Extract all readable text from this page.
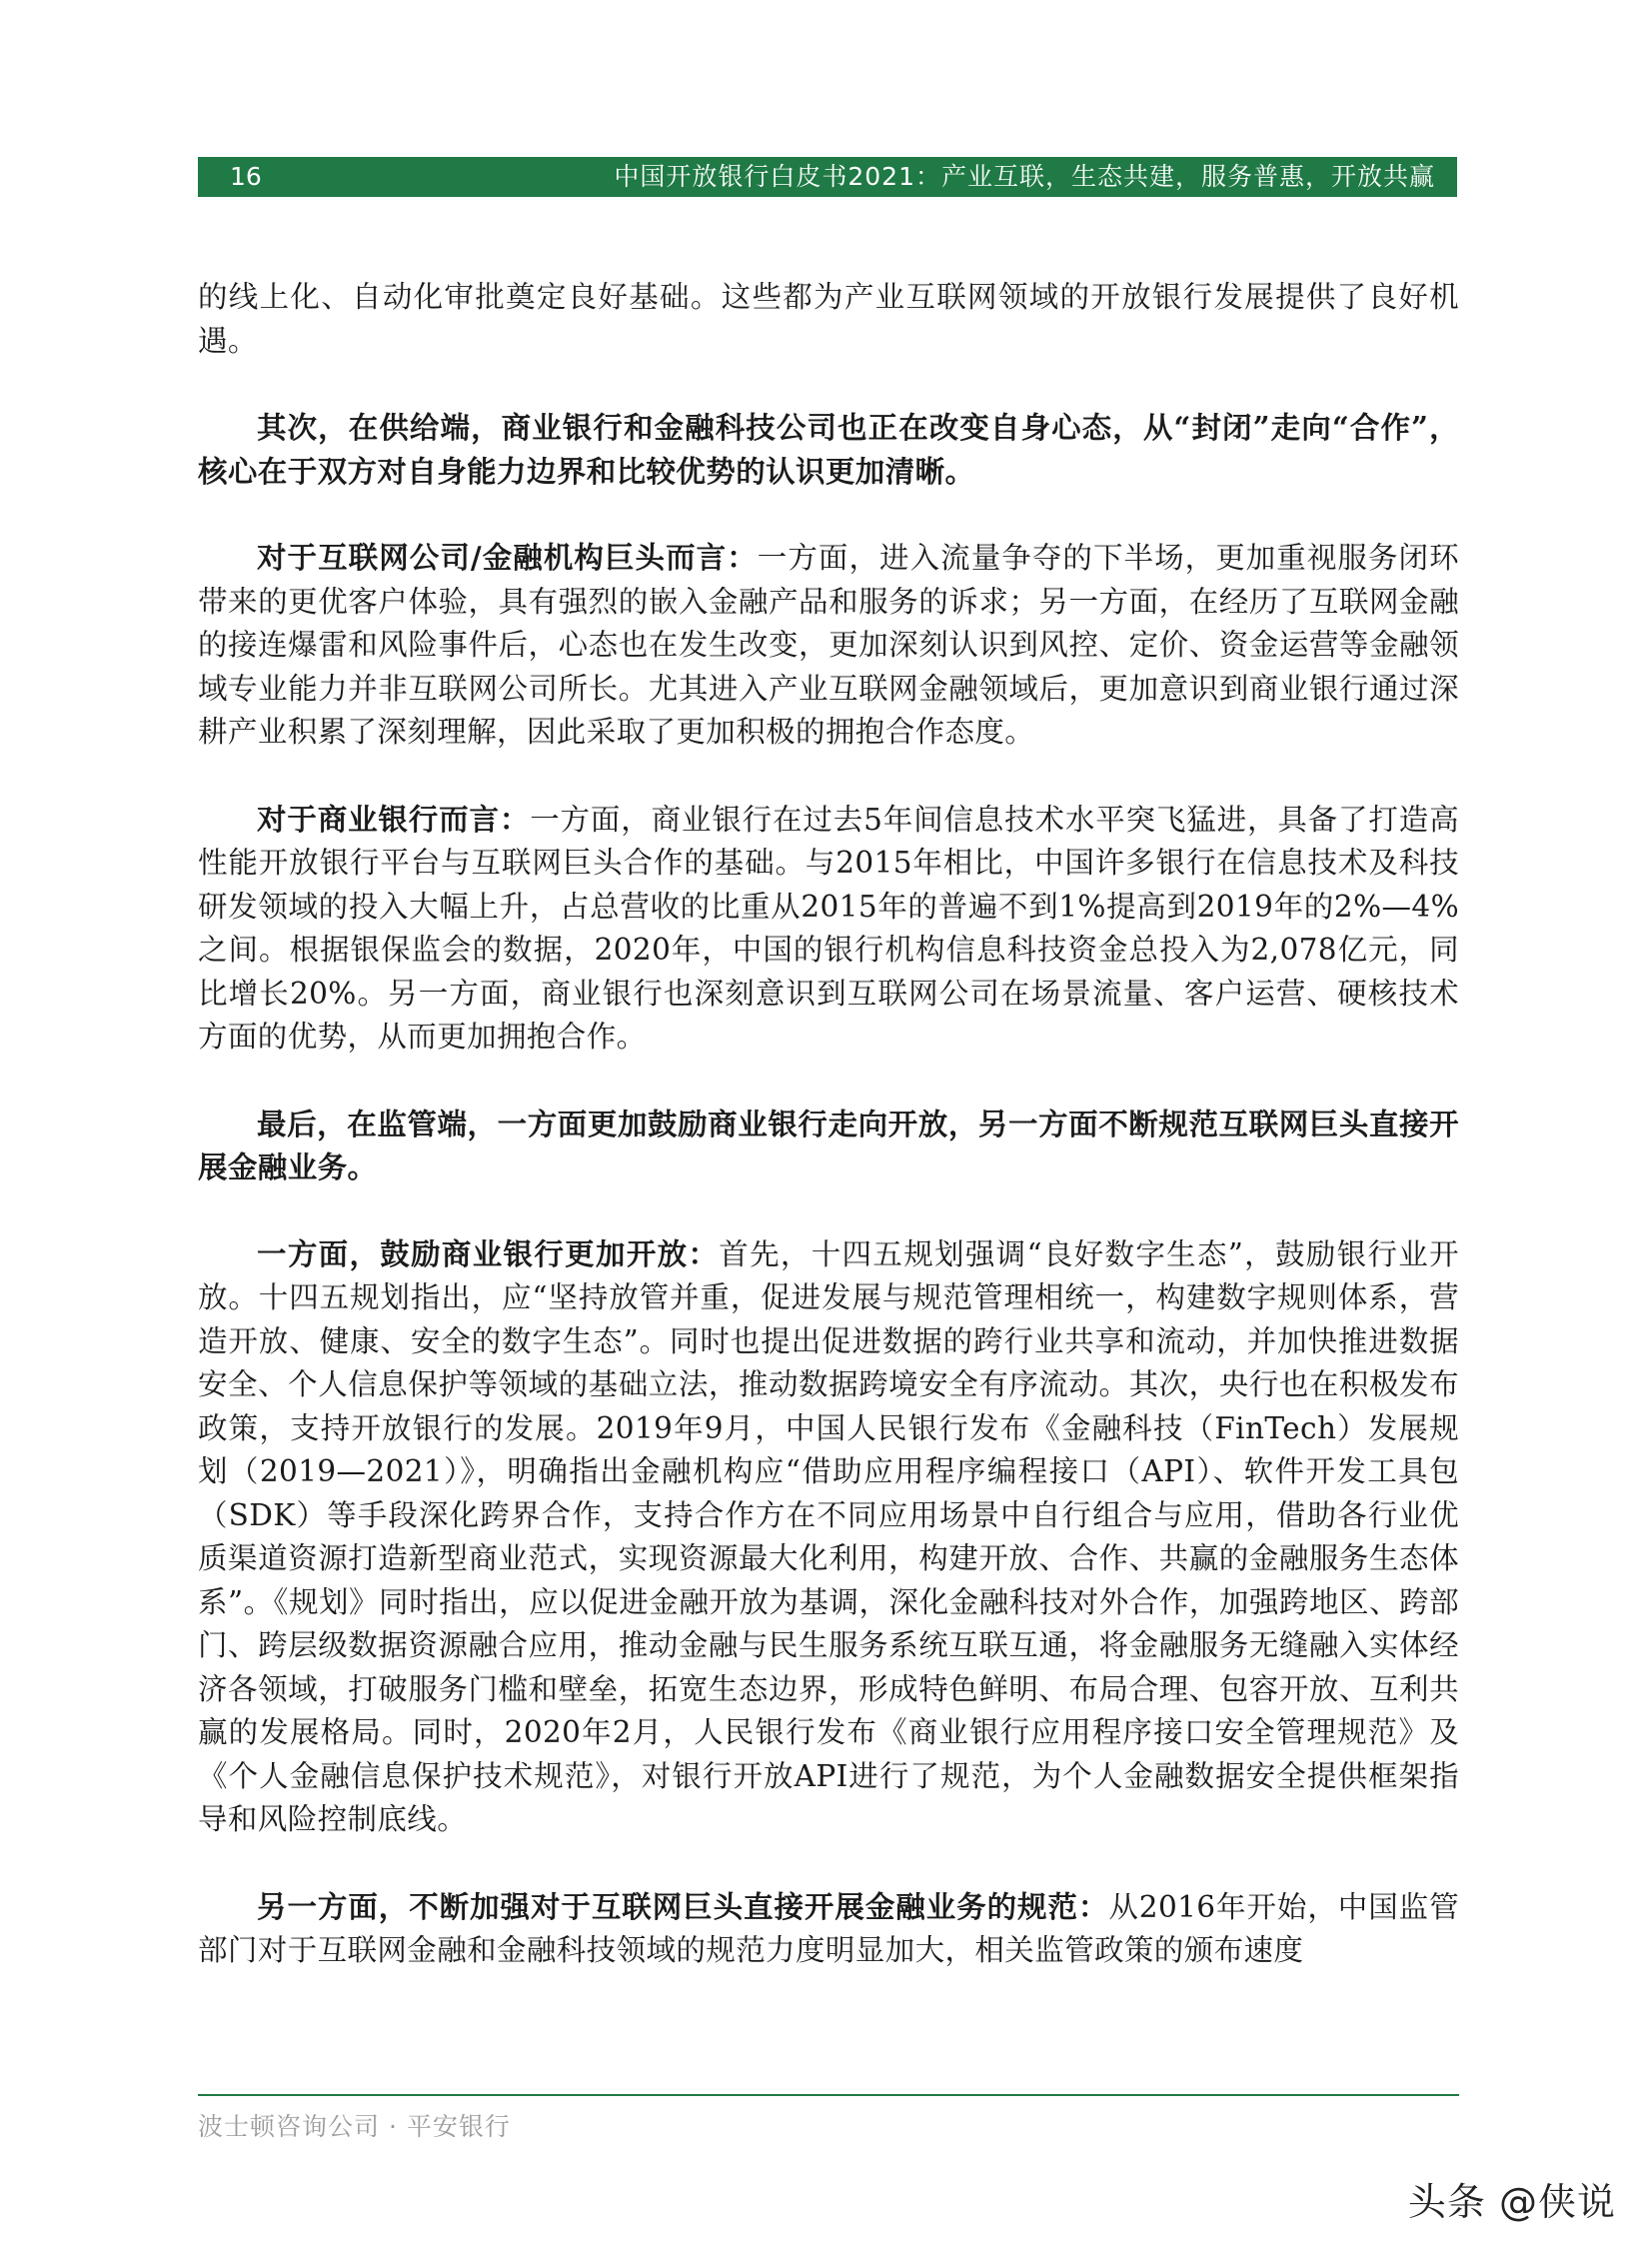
16	中国开放银行白皮书2021：产业互联，生态共建，服务普惠，开放共赢

的线上化、自动化审批奠定良好基础。这些都为产业互联网领域的开放银行发展提供了良好机遇。

其次，在供给端，商业银行和金融科技公司也正在改变自身心态，从“封闭”走向“合作”，核心在于双方对自身能力边界和比较优势的认识更加清晰。

对于互联网公司/金融机构巨头而言：一方面，进入流量争夺的下半场，更加重视服务闭环带来的更优客户体验，具有强烈的嵌入金融产品和服务的诉求；另一方面，在经历了互联网金融的接连爆雷和风险事件后，心态也在发生改变，更加深刻认识到风控、定价、资金运营等金融领域专业能力并非互联网公司所长。尤其进入产业互联网金融领域后，更加意识到商业银行通过深耕产业积累了深刻理解，因此采取了更加积极的拥抱合作态度。

对于商业银行而言：一方面，商业银行在过去5年间信息技术水平突飞猛进，具备了打造高性能开放银行平台与互联网巨头合作的基础。与2015年相比，中国许多银行在信息技术及科技研发领域的投入大幅上升，占总营收的比重从2015年的普遍不到1%提高到2019年的2%—4%之间。根据银保监会的数据，2020年，中国的银行机构信息科技资金总投入为2,078亿元，同比增长20%。另一方面，商业银行也深刻意识到互联网公司在场景流量、客户运营、硬核技术方面的优势，从而更加拥抱合作。

最后，在监管端，一方面更加鼓励商业银行走向开放，另一方面不断规范互联网巨头直接开展金融业务。

一方面，鼓励商业银行更加开放：首先，十四五规划强调“良好数字生态”，鼓励银行业开放。十四五规划指出，应“坚持放管并重，促进发展与规范管理相统一，构建数字规则体系，营造开放、健康、安全的数字生态”。同时也提出促进数据的跨行业共享和流动，并加快推进数据安全、个人信息保护等领域的基础立法，推动数据跨境安全有序流动。其次，央行也在积极发布政策，支持开放银行的发展。2019年9月，中国人民银行发布《金融科技（FinTech）发展规划（2019—2021）》，明确指出金融机构应“借助应用程序编程接口（API）、软件开发工具包（SDK）等手段深化跨界合作，支持合作方在不同应用场景中自行组合与应用，借助各行业优质渠道资源打造新型商业范式，实现资源最大化利用，构建开放、合作、共赢的金融服务生态体系”。《规划》同时指出，应以促进金融开放为基调，深化金融科技对外合作，加强跨地区、跨部门、跨层级数据资源融合应用，推动金融与民生服务系统互联互通，将金融服务无缝融入实体经济各领域，打破服务门槛和壁垒，拓宽生态边界，形成特色鲜明、布局合理、包容开放、互利共赢的发展格局。同时，2020年2月，人民银行发布《商业银行应用程序接口安全管理规范》及《个人金融信息保护技术规范》，对银行开放API进行了规范，为个人金融数据安全提供框架指导和风险控制底线。

另一方面，不断加强对于互联网巨头直接开展金融业务的规范：从2016年开始，中国监管部门对于互联网金融和金融科技领域的规范力度明显加大，相关监管政策的颁布速度

波士顿咨询公司 · 平安银行
头条 @侠说
